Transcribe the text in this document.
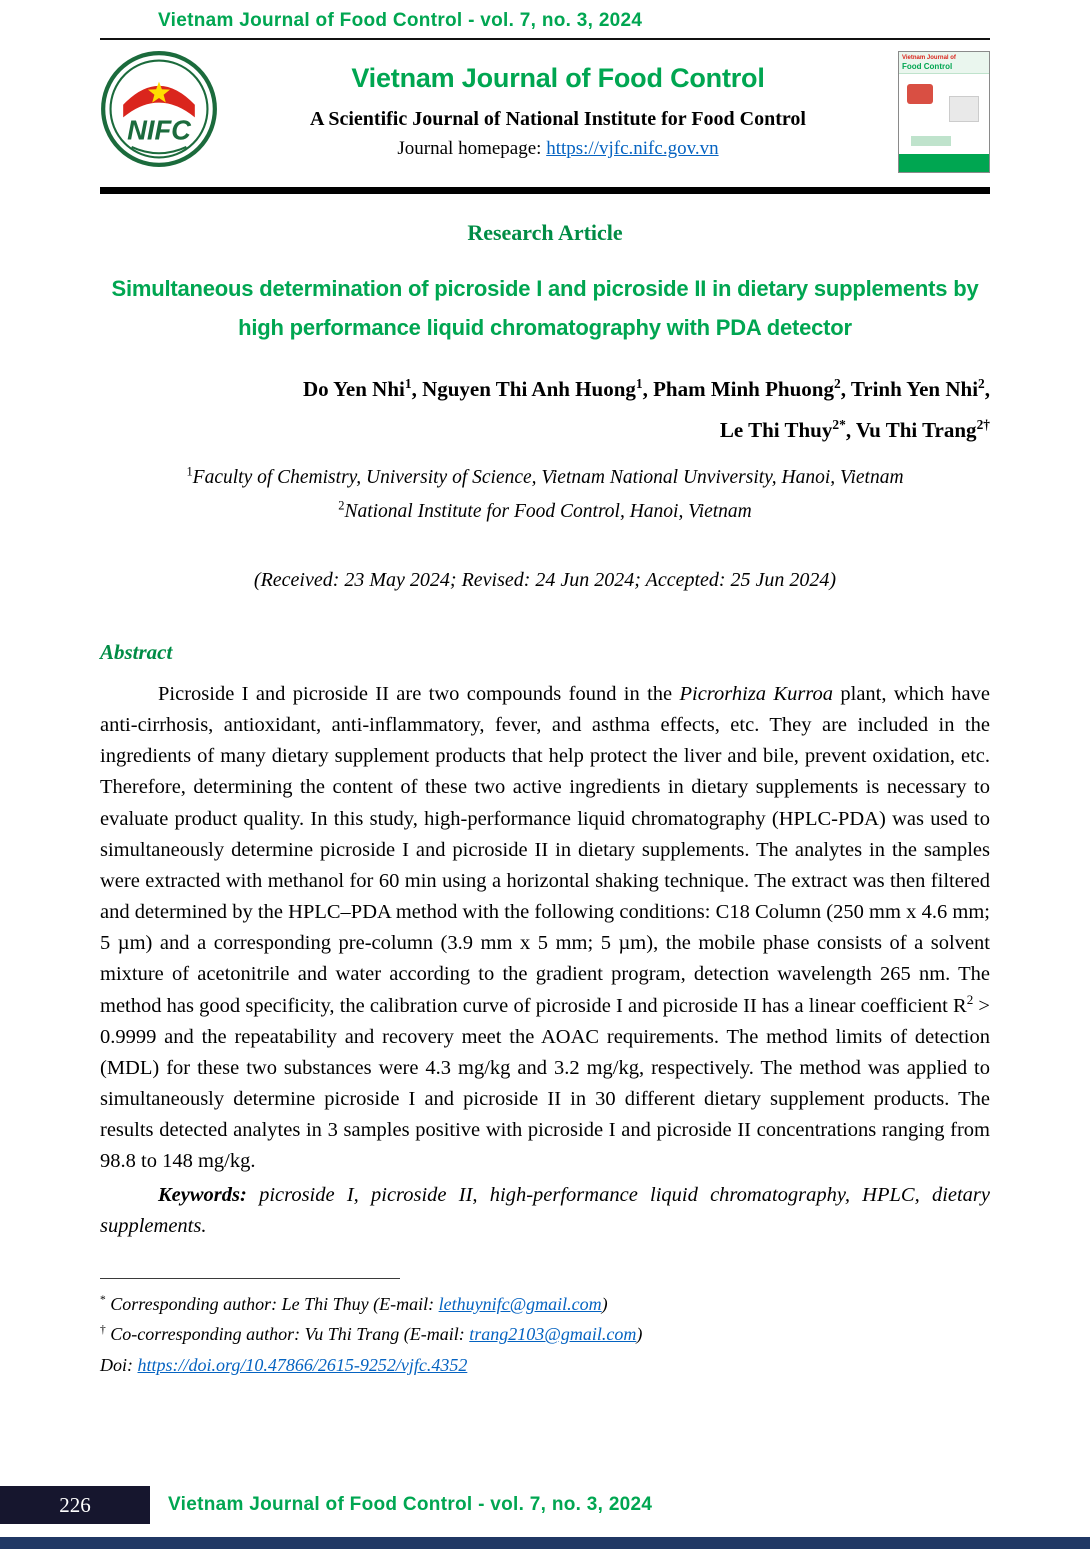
Vietnam Journal of Food Control - vol. 7, no. 3, 2024
NIFC
Vietnam Journal of Food Control
A Scientific Journal of National Institute for Food Control
Journal homepage: https://vjfc.nifc.gov.vn
Vietnam Journal of
Food Control
Research Article
Simultaneous determination of picroside I and picroside II in dietary supplements by high performance liquid chromatography with PDA detector
Do Yen Nhi$^1$, Nguyen Thi Anh Huong$^1$, Pham Minh Phuong$^2$, Trinh Yen Nhi$^2$,
Le Thi Thuy$^{2*}$, Vu Thi Trang$^{2\dagger}$
$^1$Faculty of Chemistry, University of Science, Vietnam National Unviversity, Hanoi, Vietnam
$^2$National Institute for Food Control, Hanoi, Vietnam
(Received: 23 May 2024; Revised: 24 Jun 2024; Accepted: 25 Jun 2024)
Abstract

Picroside I and picroside II are two compounds found in the Picrorhiza Kurroa plant, which have anti-cirrhosis, antioxidant, anti-inflammatory, fever, and asthma effects, etc. They are included in the ingredients of many dietary supplement products that help protect the liver and bile, prevent oxidation, etc. Therefore, determining the content of these two active ingredients in dietary supplements is necessary to evaluate product quality. In this study, high-performance liquid chromatography (HPLC-PDA) was used to simultaneously determine picroside I and picroside II in dietary supplements. The analytes in the samples were extracted with methanol for 60 min using a horizontal shaking technique. The extract was then filtered and determined by the HPLC–PDA method with the following conditions: C18 Column (250 mm x 4.6 mm; 5 µm) and a corresponding pre-column (3.9 mm x 5 mm; 5 µm), the mobile phase consists of a solvent mixture of acetonitrile and water according to the gradient program, detection wavelength 265 nm. The method has good specificity, the calibration curve of picroside I and picroside II has a linear coefficient $R^2 > 0.9999$ and the repeatability and recovery meet the AOAC requirements. The method limits of detection (MDL) for these two substances were 4.3 mg/kg and 3.2 mg/kg, respectively. The method was applied to simultaneously determine picroside I and picroside II in 30 different dietary supplement products. The results detected analytes in 3 samples positive with picroside I and picroside II concentrations ranging from 98.8 to 148 mg/kg.

Keywords: picroside I, picroside II, high-performance liquid chromatography, HPLC, dietary supplements.

* Corresponding author: Le Thi Thuy (E-mail: lethuynifc@gmail.com)
† Co-corresponding author: Vu Thi Trang (E-mail: trang2103@gmail.com)
Doi: https://doi.org/10.47866/2615-9252/vjfc.4352
226	Vietnam Journal of Food Control - vol. 7, no. 3, 2024
